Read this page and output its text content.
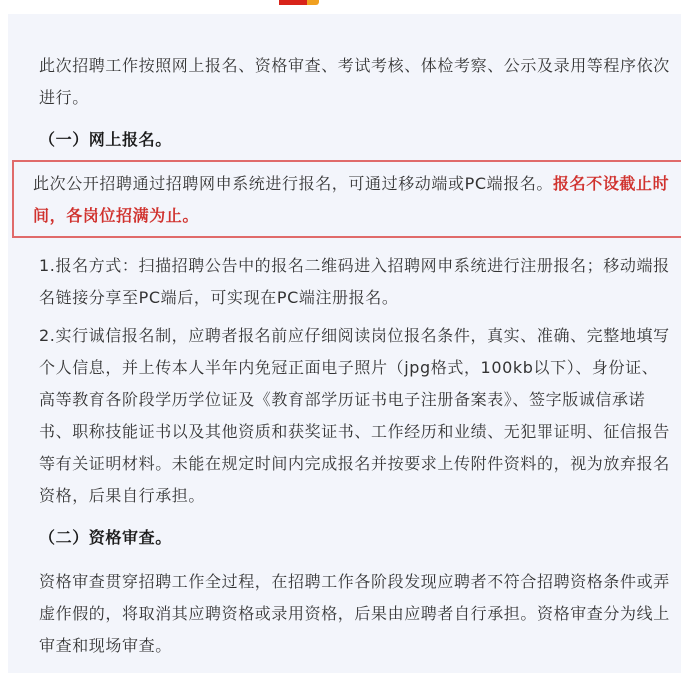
此次招聘工作按照网上报名、资格审查、考试考核、体检考察、公示及录用等程序依次进行。
（一）网上报名。
1.报名方式：扫描招聘公告中的报名二维码进入招聘网申系统进行注册报名；移动端报名链接分享至PC端后，可实现在PC端注册报名。
2.实行诚信报名制，应聘者报名前应仔细阅读岗位报名条件，真实、准确、完整地填写个人信息，并上传本人半年内免冠正面电子照片（jpg格式，100kb以下）、身份证、高等教育各阶段学历学位证及《教育部学历证书电子注册备案表》、签字版诚信承诺书、职称技能证书以及其他资质和获奖证书、工作经历和业绩、无犯罪证明、征信报告等有关证明材料。未能在规定时间内完成报名并按要求上传附件资料的，视为放弃报名资格，后果自行承担。
（二）资格审查。
资格审查贯穿招聘工作全过程，在招聘工作各阶段发现应聘者不符合招聘资格条件或弄虚作假的，将取消其应聘资格或录用资格，后果由应聘者自行承担。资格审查分为线上审查和现场审查。
此次公开招聘通过招聘网申系统进行报名，可通过移动端或PC端报名。报名不设截止时间，各岗位招满为止。
